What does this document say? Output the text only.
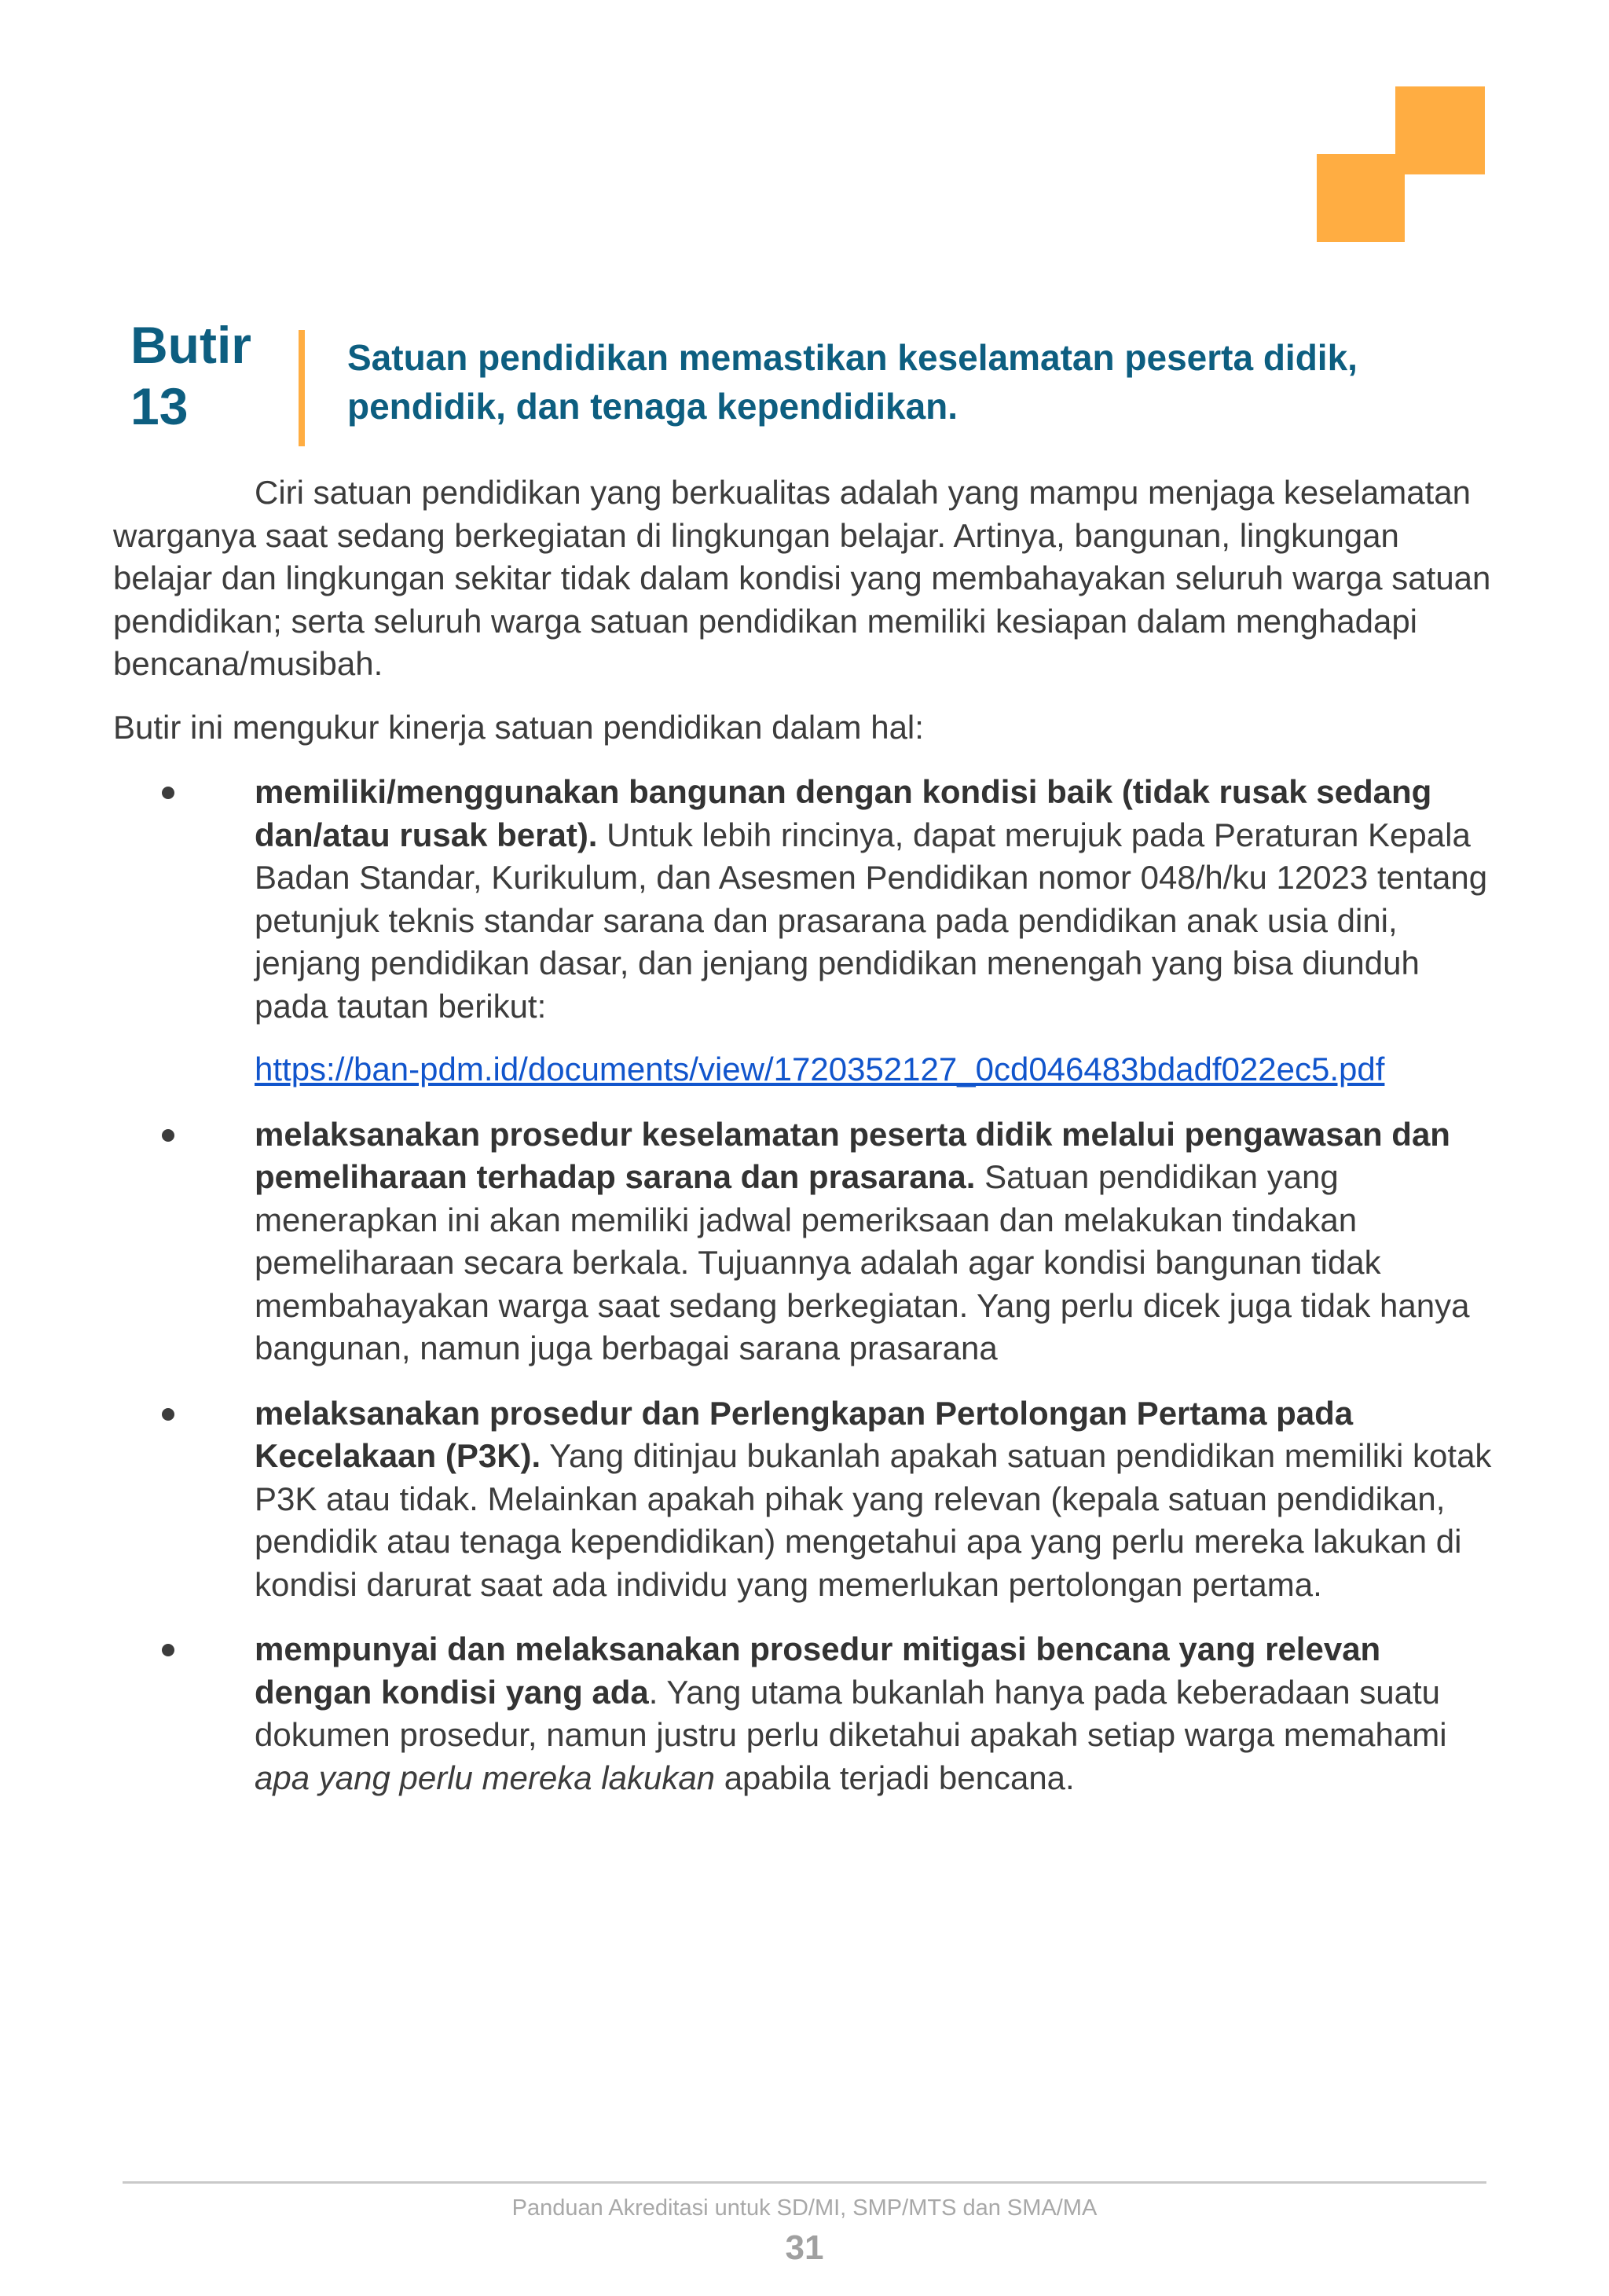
Butir
13
Satuan pendidikan memastikan keselamatan peserta didik, pendidik, dan tenaga kependidikan.

Ciri satuan pendidikan yang berkualitas adalah yang mampu menjaga keselamatan warganya saat sedang berkegiatan di lingkungan belajar. Artinya, bangunan, lingkungan belajar dan lingkungan sekitar tidak dalam kondisi yang membahayakan seluruh warga satuan pendidikan; serta seluruh warga satuan pendidikan memiliki kesiapan dalam menghadapi bencana/musibah.

Butir ini mengukur kinerja satuan pendidikan dalam hal:

memiliki/menggunakan bangunan dengan kondisi baik (tidak rusak sedang dan/atau rusak berat). Untuk lebih rincinya, dapat merujuk pada Peraturan Kepala Badan Standar, Kurikulum, dan Asesmen Pendidikan nomor 048/h/ku 12023 tentang petunjuk teknis standar sarana dan prasarana pada pendidikan anak usia dini, jenjang pendidikan dasar, dan jenjang pendidikan menengah yang bisa diunduh pada tautan berikut:
https://ban-pdm.id/documents/view/1720352127_0cd046483bdadf022ec5.pdf
melaksanakan prosedur keselamatan peserta didik melalui pengawasan dan pemeliharaan terhadap sarana dan prasarana. Satuan pendidikan yang menerapkan ini akan memiliki jadwal pemeriksaan dan melakukan tindakan pemeliharaan secara berkala. Tujuannya adalah agar kondisi bangunan tidak membahayakan warga saat sedang berkegiatan. Yang perlu dicek juga tidak hanya bangunan, namun juga berbagai sarana prasarana
melaksanakan prosedur dan Perlengkapan Pertolongan Pertama pada Kecelakaan (P3K). Yang ditinjau bukanlah apakah satuan pendidikan memiliki kotak P3K atau tidak. Melainkan apakah pihak yang relevan (kepala satuan pendidikan, pendidik atau tenaga kependidikan) mengetahui apa yang perlu mereka lakukan di kondisi darurat saat ada individu yang memerlukan pertolongan pertama.
mempunyai dan melaksanakan prosedur mitigasi bencana yang relevan dengan kondisi yang ada. Yang utama bukanlah hanya pada keberadaan suatu dokumen prosedur, namun justru perlu diketahui apakah setiap warga memahami apa yang perlu mereka lakukan apabila terjadi bencana.
Panduan Akreditasi untuk SD/MI, SMP/MTS dan SMA/MA
31
